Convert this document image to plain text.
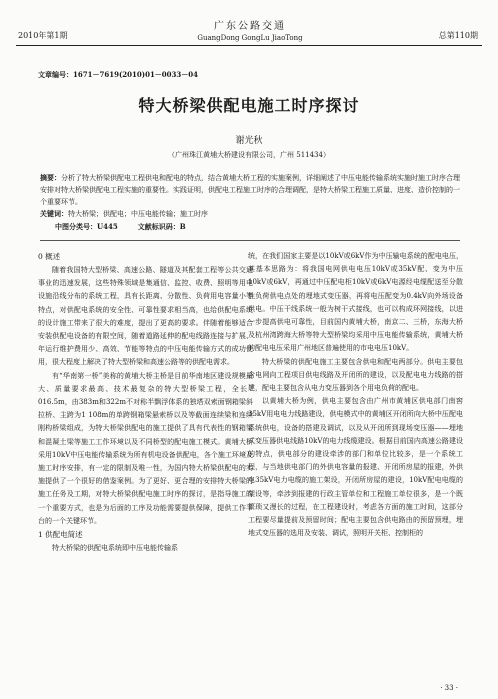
2010年第1期
广东公路交通
GuangDong GongLu JiaoTong	总第110期
文章编号：1671－7619(2010)01－0033－04
特大桥梁供配电施工时序探讨
谢光秋
（广州珠江黄埔大桥建设有限公司，广州 511434）
摘要：分析了特大桥梁供配电工程供电和配电的特点，结合黄埔大桥工程的实施案例，详细阐述了中压电能传输系统实施时施工时序合理安排对特大桥梁供配电工程实施的重要性。实践证明，供配电工程施工时序的合理调配，是特大桥梁工程施工质量、进度、造价控制的一个重要环节。
关键词：特大桥梁；供配电；中压电能传输；施工时序
中图分类号：U445	文献标识码：B
0 概述

随着我国特大型桥梁、高速公路、隧道及其配套工程等公共交通事业的迅速发展，这些特殊领域是集通信、监控、收费、照明等用电设施沿线分布的系统工程，具有长距离、分散性、负荷用电容量小等特点，对供配电系统的安全性、可靠性要求相当高，也给供配电系统的设计施工带来了很大的难度，提出了更高的要求。伴随着能够适合安装供配电设备的有限空间，随着道路延伸的配电线路连接与扩展、年运行维护费用少、高效、节能等特点的中压电能传输方式的成功使用，很大程度上解决了特大型桥梁和高速公路等的供配电需求。

有“华南第一桥”美称的黄埔大桥主桥是目前华南地区建设规模最大、质量要求最高、技术最复杂的特大型桥梁工程，全长7 016.5m，由383m和322m不对称半飘浮体系的独塔双索面钢箱梁斜拉桥、主跨为1 108m的单跨钢箱梁悬索桥以及等截面连续梁和连续刚构桥梁组成，为特大桥梁供配电的施工提供了具有代表性的钢箱梁和混凝土梁等施工工作环境以及不同桥型的配电施工模式。黄埔大桥采用10kV中压电能传输系统为所有机电设备供配电，各个施工环境及施工时序安排，有一定的限制及唯一性，为国内特大桥梁供配电的实施提供了一个很好的借鉴案例。为了更好、更合理的安排特大桥梁的施工任务及工期，对特大桥梁供配电施工时序的探讨，是指导施工的一个重要方式，也是为后面的工序及功能需要提供保障，提供工作平台的一个关键环节。

1 供配电简述

特大桥梁的供配电系统即中压电能传输系

统，在我们国家主要是以10kV或6kV作为中压输电系统的配电电压，其基本思路为：将我国电网供电电压10kV或35kV配、变为中压10kV或6kV，再通过中压配电柜10kV或6kV电源经电缆配送至分散性负荷供电点处的埋地式变压器，再将电压配变为0.4kV向外场设备供电。中压干线系统一般为树干式接线，也可以构成环网接线，以进一步提高供电可靠性，目前国内黄埔大桥，南京二、三桥，东海大桥及杭州湾跨海大桥等特大型桥梁均采用中压电能传输系统，黄埔大桥的配电电压采用广州地区普遍使用的市电电压10kV。

特大桥梁的供配电施工主要包含供电和配电两部分。供电主要包含电网向工程项目供电线路及开闭所的建设，以及配电电力线路的搭建，配电主要包含从电力变压器到各个用电负荷的配电。

以黄埔大桥为例，供电主要包含由广州市黄埔区供电部门南窖35kV用电电力线路建设，供电模式中的黄埔区开闭所向大桥中压配电系统供电，设备的搭建及调试，以及从开闭所到现场变压器——埋地式变压器供电线路10kV的电力线缆建设。根据目前国内高速公路建设的特点，供电部分的建设牵涉的部门和单位比较多，是一个系统工程，与当地供电部门的外供电容量的报建、开闭所房屋的报建，外供电35kV电力电缆的施工架设，开闭所房屋的建设，10kV配电电缆的架设等，牵涉到报建的行政主管单位和工程施工单位很多，是一个既繁琐又漫长的过程，在工程建设时，考虑各方面的施工时间，这部分工程要尽量提前及预留时间；配电主要包含供电路由的预留预埋，埋地式变压器的选用及安装、调试，照明开关柜、控制柜的

· 33 ·
